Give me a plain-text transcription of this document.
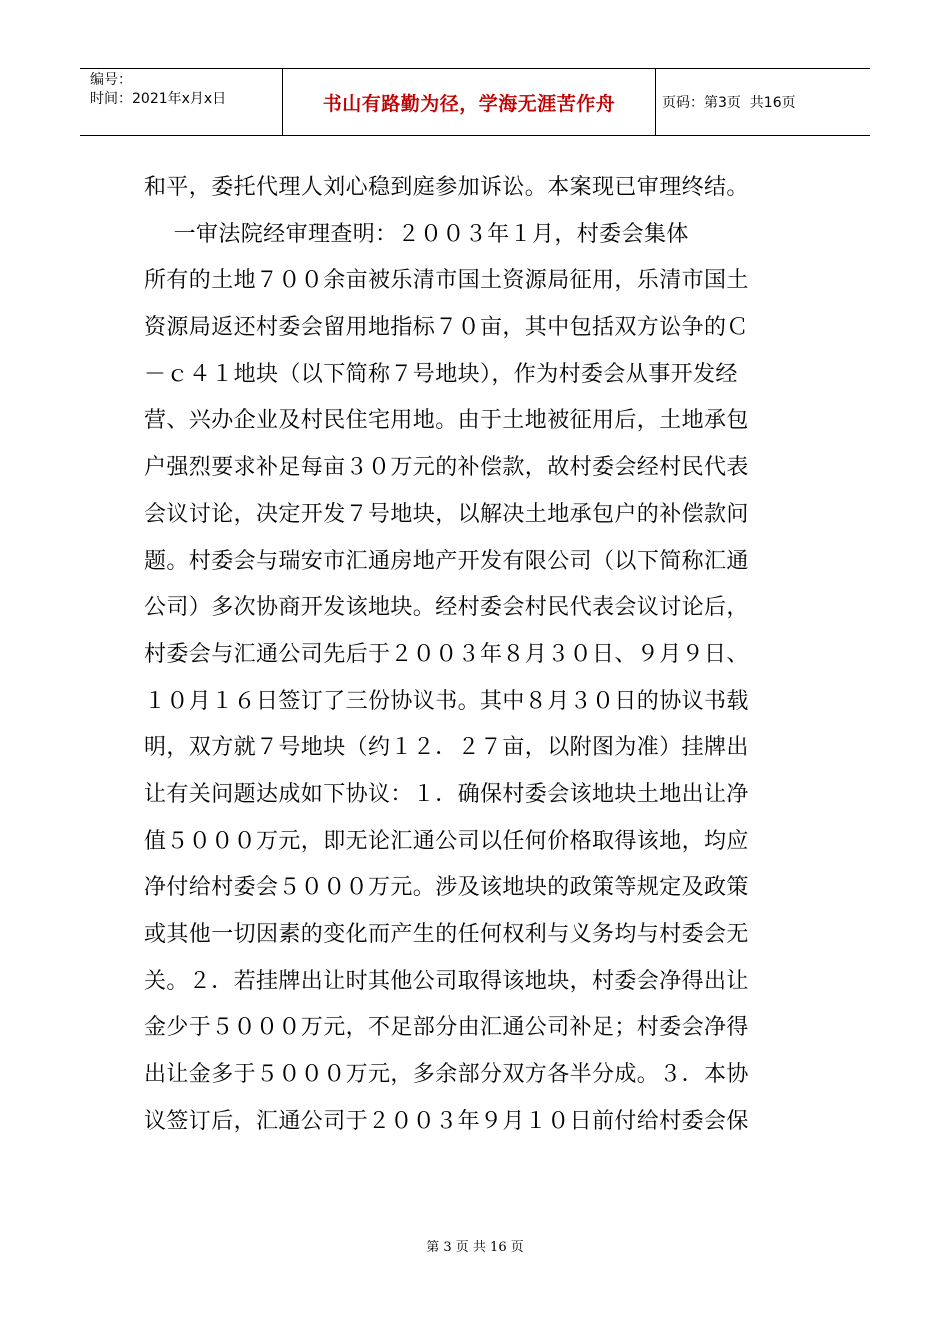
编号：
时间：2021年x月x日	书山有路勤为径，学海无涯苦作舟	页码：第3页  共16页
和平，委托代理人刘心稳到庭参加诉讼。本案现已审理终结。
一审法院经审理查明：２００３年１月，村委会集体
所有的土地７００余亩被乐清市国土资源局征用，乐清市国土
资源局返还村委会留用地指标７０亩，其中包括双方讼争的Ｃ
－ｃ４１地块（以下简称７号地块），作为村委会从事开发经
营、兴办企业及村民住宅用地。由于土地被征用后，土地承包
户强烈要求补足每亩３０万元的补偿款，故村委会经村民代表
会议讨论，决定开发７号地块，以解决土地承包户的补偿款问
题。村委会与瑞安市汇通房地产开发有限公司（以下简称汇通
公司）多次协商开发该地块。经村委会村民代表会议讨论后，
村委会与汇通公司先后于２００３年８月３０日、９月９日、
１０月１６日签订了三份协议书。其中８月３０日的协议书载
明，双方就７号地块（约１２．２７亩，以附图为准）挂牌出
让有关问题达成如下协议：１．确保村委会该地块土地出让净
值５０００万元，即无论汇通公司以任何价格取得该地，均应
净付给村委会５０００万元。涉及该地块的政策等规定及政策
或其他一切因素的变化而产生的任何权利与义务均与村委会无
关。２．若挂牌出让时其他公司取得该地块，村委会净得出让
金少于５０００万元，不足部分由汇通公司补足；村委会净得
出让金多于５０００万元，多余部分双方各半分成。３．本协
议签订后，汇通公司于２００３年９月１０日前付给村委会保
第 3 页 共 16 页
